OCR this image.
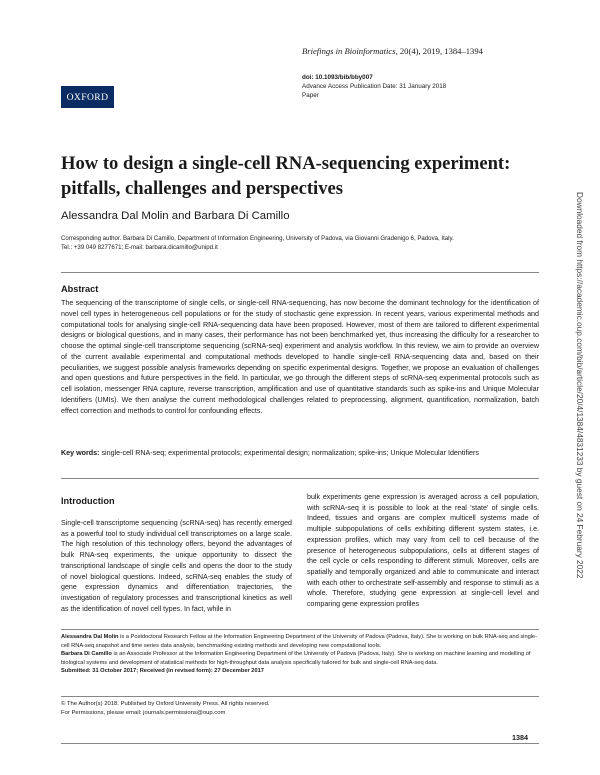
Briefings in Bioinformatics, 20(4), 2019, 1384–1394
doi: 10.1093/bib/bby007
Advance Access Publication Date: 31 January 2018
Paper
OXFORD
How to design a single-cell RNA-sequencing experiment: pitfalls, challenges and perspectives
Alessandra Dal Molin and Barbara Di Camillo
Corresponding author. Barbara Di Camillo, Department of Information Engineering, University of Padova, via Giovanni Gradenigo 6, Padova, Italy.
Tel.: +39 049 8277671; E-mail: barbara.dicamillo@unipd.it
Abstract
The sequencing of the transcriptome of single cells, or single-cell RNA-sequencing, has now become the dominant technology for the identification of novel cell types in heterogeneous cell populations or for the study of stochastic gene expression. In recent years, various experimental methods and computational tools for analysing single-cell RNA-sequencing data have been proposed. However, most of them are tailored to different experimental designs or biological questions, and in many cases, their performance has not been benchmarked yet, thus increasing the difficulty for a researcher to choose the optimal single-cell transcriptome sequencing (scRNA-seq) experiment and analysis workflow. In this review, we aim to provide an overview of the current available experimental and computational methods developed to handle single-cell RNA-sequencing data and, based on their peculiarities, we suggest possible analysis frameworks depending on specific experimental designs. Together, we propose an evaluation of challenges and open questions and future perspectives in the field. In particular, we go through the different steps of scRNA-seq experimental protocols such as cell isolation, messenger RNA capture, reverse transcription, amplification and use of quantitative standards such as spike-ins and Unique Molecular Identifiers (UMIs). We then analyse the current methodological challenges related to preprocessing, alignment, quantification, normalization, batch effect correction and methods to control for confounding effects.
Key words: single-cell RNA-seq; experimental protocols; experimental design; normalization; spike-ins; Unique Molecular Identifiers
Introduction
Single-cell transcriptome sequencing (scRNA-seq) has recently emerged as a powerful tool to study individual cell transcriptomes on a large scale. The high resolution of this technology offers, beyond the advantages of bulk RNA-seq experiments, the unique opportunity to dissect the transcriptional landscape of single cells and opens the door to the study of novel biological questions. Indeed, scRNA-seq enables the study of gene expression dynamics and differentiation trajectories, the investigation of regulatory processes and transcriptional kinetics as well as the identification of novel cell types. In fact, while in
bulk experiments gene expression is averaged across a cell population, with scRNA-seq it is possible to look at the real 'state' of single cells. Indeed, tissues and organs are complex multicell systems made of multiple subpopulations of cells exhibiting different system states, i.e. expression profiles, which may vary from cell to cell because of the presence of heterogeneous subpopulations, cells at different stages of the cell cycle or cells responding to different stimuli. Moreover, cells are spatially and temporally organized and able to communicate and interact with each other to orchestrate self-assembly and response to stimuli as a whole. Therefore, studying gene expression at single-cell level and comparing gene expression profiles
Alessandra Dal Molin is a Postdoctoral Research Fellow at the Information Engineering Department of the University of Padova (Padova, Italy). She is working on bulk RNA-seq and single-cell RNA-seq snapshot and time series data analysis, benchmarking existing methods and developing new computational tools.
Barbara Di Camillo is an Associate Professor at the Information Engineering Department of the University of Padova (Padova, Italy). She is working on machine learning and modelling of biological systems and development of statistical methods for high-throughput data analysis specifically tailored for bulk and single-cell RNA-seq data.
Submitted: 31 October 2017; Received (in revised form): 27 December 2017
© The Author(s) 2018. Published by Oxford University Press. All rights reserved.
For Permissions, please email: journals.permissions@oup.com
1384
Downloaded from https://academic.oup.com/bib/article/20/4/1384/4831233 by guest on 24 February 2022
